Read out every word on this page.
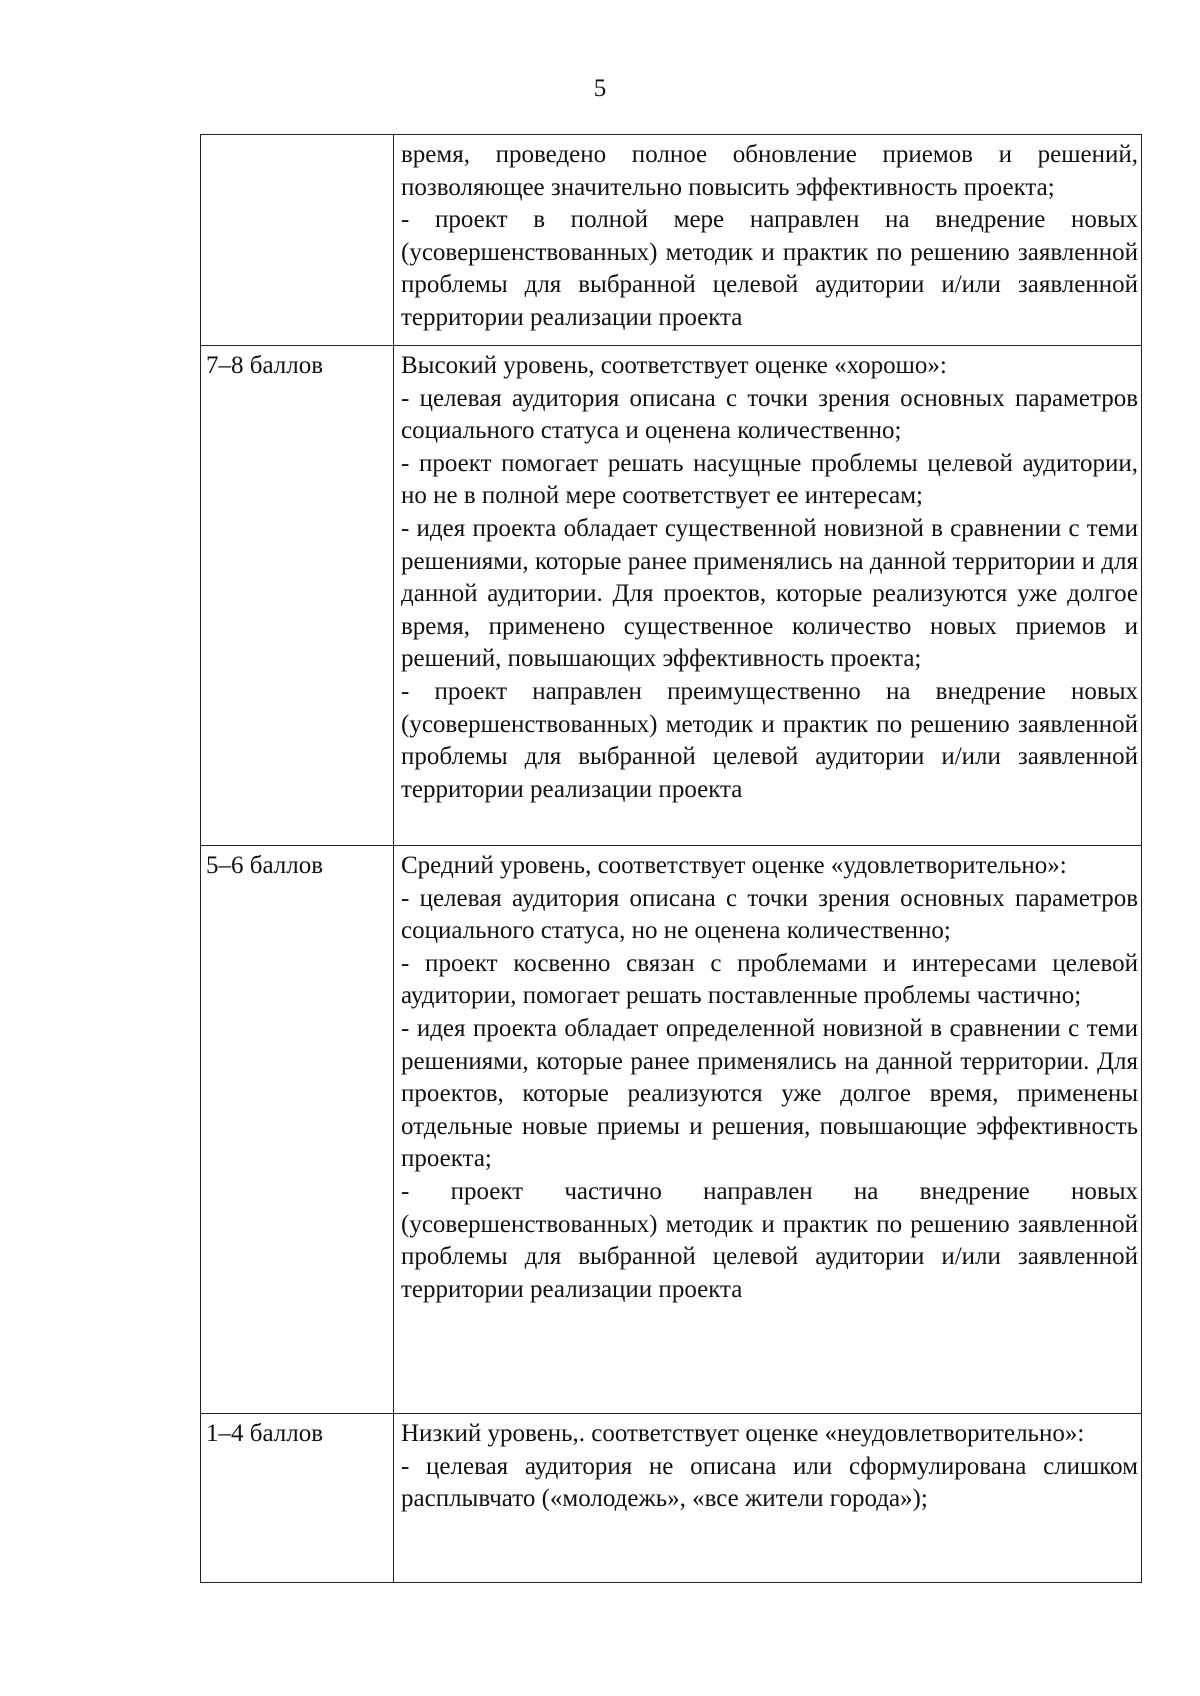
5

	время, проведено полное обновление приемов и решений, позволяющее значительно повысить эффективность проекта;
- проект в полной мере направлен на внедрение новых (усовершенствованных) методик и практик по решению заявленной проблемы для выбранной целевой аудитории и/или заявленной территории реализации проекта

7–8 баллов	Высокий уровень, соответствует оценке «хорошо»:
- целевая аудитория описана с точки зрения основных параметров социального статуса и оценена количественно;
- проект помогает решать насущные проблемы целевой аудитории, но не в полной мере соответствует ее интересам;
- идея проекта обладает существенной новизной в сравнении с теми решениями, которые ранее применялись на данной территории и для данной аудитории. Для проектов, которые реализуются уже долгое время, применено существенное количество новых приемов и решений, повышающих эффективность проекта;
- проект направлен преимущественно на внедрение новых (усовершенствованных) методик и практик по решению заявленной проблемы для выбранной целевой аудитории и/или заявленной территории реализации проекта

5–6 баллов	Средний уровень, соответствует оценке «удовлетворительно»:
- целевая аудитория описана с точки зрения основных параметров социального статуса, но не оценена количественно;
- проект косвенно связан с проблемами и интересами целевой аудитории, помогает решать поставленные проблемы частично;
- идея проекта обладает определенной новизной в сравнении с теми решениями, которые ранее применялись на данной территории. Для проектов, которые реализуются уже долгое время, применены отдельные новые приемы и решения, повышающие эффективность проекта;
- проект частично направлен на внедрение новых (усовершенствованных) методик и практик по решению заявленной проблемы для выбранной целевой аудитории и/или заявленной территории реализации проекта

1–4 баллов	Низкий уровень,. соответствует оценке «неудовлетворительно»:
- целевая аудитория не описана или сформулирована слишком расплывчато («молодежь», «все жители города»);
